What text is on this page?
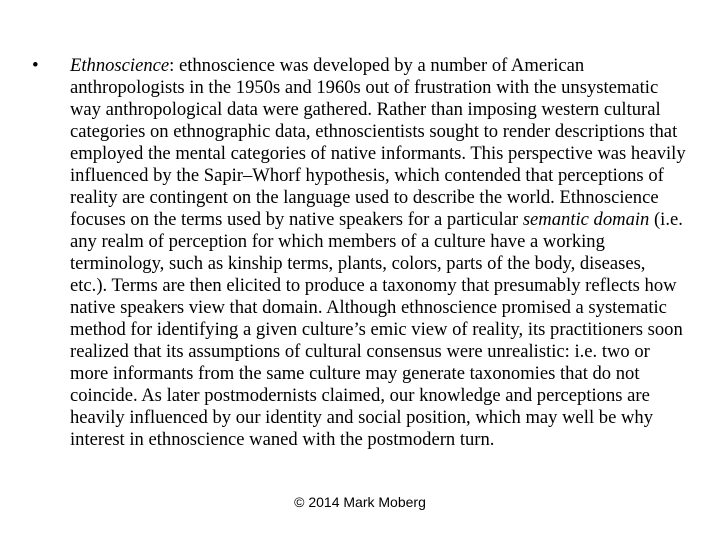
•	Ethnoscience: ethnoscience was developed by a number of American anthropologists in the 1950s and 1960s out of frustration with the unsystematic way anthropological data were gathered. Rather than imposing western cultural categories on ethnographic data, ethnoscientists sought to render descriptions that employed the mental categories of native informants. This perspective was heavily influenced by the Sapir–Whorf hypothesis, which contended that perceptions of reality are contingent on the language used to describe the world. Ethnoscience focuses on the terms used by native speakers for a particular semantic domain (i.e. any realm of perception for which members of a culture have a working terminology, such as kinship terms, plants, colors, parts of the body, diseases, etc.). Terms are then elicited to produce a taxonomy that presumably reflects how native speakers view that domain. Although ethnoscience promised a systematic method for identifying a given culture’s emic view of reality, its practitioners soon realized that its assumptions of cultural consensus were unrealistic: i.e. two or more informants from the same culture may generate taxonomies that do not coincide. As later postmodernists claimed, our knowledge and perceptions are heavily influenced by our identity and social position, which may well be why interest in ethnoscience waned with the postmodern turn.
© 2014 Mark Moberg
